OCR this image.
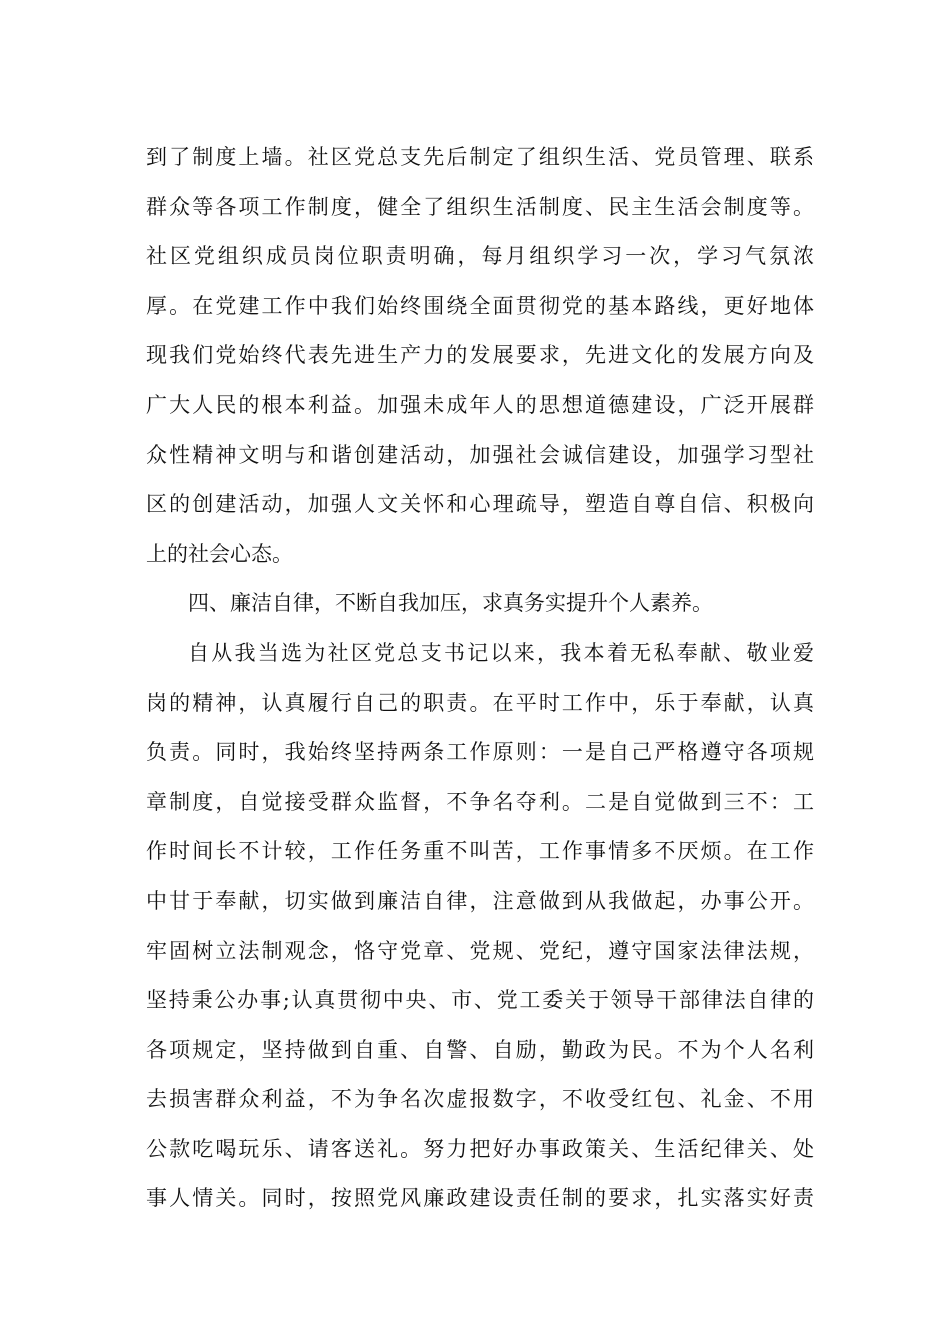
到了制度上墙。社区党总支先后制定了组织生活、党员管理、联系
群众等各项工作制度，健全了组织生活制度、民主生活会制度等。
社区党组织成员岗位职责明确，每月组织学习一次，学习气氛浓
厚。在党建工作中我们始终围绕全面贯彻党的基本路线，更好地体
现我们党始终代表先进生产力的发展要求，先进文化的发展方向及
广大人民的根本利益。加强未成年人的思想道德建设，广泛开展群
众性精神文明与和谐创建活动，加强社会诚信建设，加强学习型社
区的创建活动，加强人文关怀和心理疏导，塑造自尊自信、积极向
上的社会心态。
四、廉洁自律，不断自我加压，求真务实提升个人素养。
自从我当选为社区党总支书记以来，我本着无私奉献、敬业爱
岗的精神，认真履行自己的职责。在平时工作中，乐于奉献，认真
负责。同时，我始终坚持两条工作原则：一是自己严格遵守各项规
章制度，自觉接受群众监督，不争名夺利。二是自觉做到三不：工
作时间长不计较，工作任务重不叫苦，工作事情多不厌烦。在工作
中甘于奉献，切实做到廉洁自律，注意做到从我做起，办事公开。
牢固树立法制观念，恪守党章、党规、党纪，遵守国家法律法规，
坚持秉公办事;认真贯彻中央、市、党工委关于领导干部律法自律的
各项规定，坚持做到自重、自警、自励，勤政为民。不为个人名利
去损害群众利益，不为争名次虚报数字，不收受红包、礼金、不用
公款吃喝玩乐、请客送礼。努力把好办事政策关、生活纪律关、处
事人情关。同时，按照党风廉政建设责任制的要求，扎实落实好责
